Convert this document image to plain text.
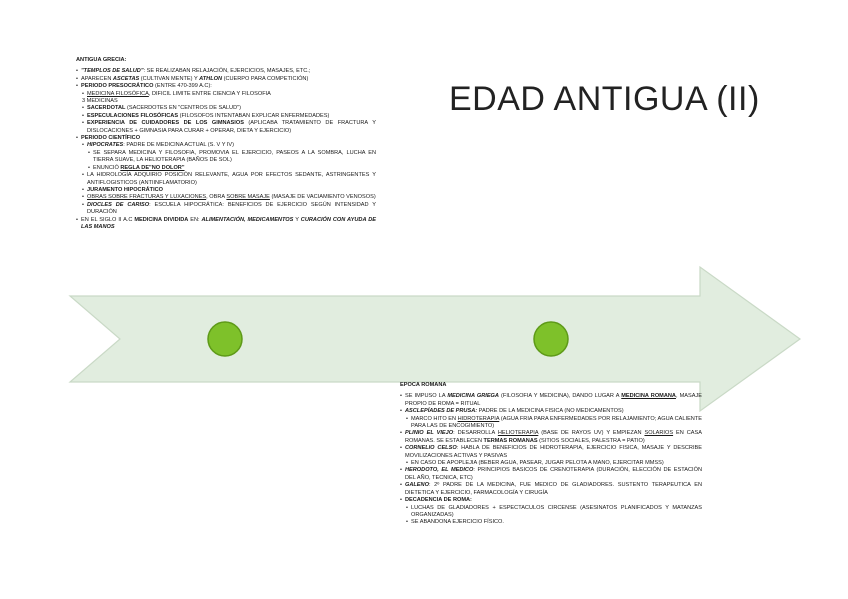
EDAD ANTIGUA (II)
ANTIGUA GRECIA:

• "TEMPLOS DE SALUD": SE REALIZABAN RELAJACIÓN, EJERCICIOS, MASAJES, ETC.;

• APARECEN ASCETAS (CULTIVAN MENTE) Y ATHLON (CUERPO PARA COMPETICIÓN)

• PERIODO PRESOCRÁTICO (ENTRE 470-399 A.C):

• MEDICINA FILOSÓFICA, DIFICIL LIMITE ENTRE CIENCIA Y FILOSOFIA

3 MEDICINAS

• SACERDOTAL (SACERDOTES EN "CENTROS DE SALUD")

• ESPECULACIONES FILOSÓFICAS (FILOSOFOS INTENTABAN EXPLICAR ENFERMEDADES)

• EXPERIENCIA DE CUIDADORES DE LOS GIMNASIOS (APLICABA TRATAMIENTO DE FRACTURA Y DISLOCACIONES + GIMNASIA PARA CURAR + OPERAR, DIETA Y EJERCICIO)

• PERIODO CIENTÍFICO

• HIPOCRATES: PADRE DE MEDICINA ACTUAL (S. V Y IV)

• SE SEPARA MEDICINA Y FILOSOFIA, PROMOVIA EL EJERCICIO, PASEOS A LA SOMBRA, LUCHA EN TIERRA SUAVE, LA HELIOTERAPIA (BAÑOS DE SOL)

• ENUNCIÓ REGLA DE"NO DOLOR"

• LA HIDROLOGÍA ADQUIRIO POSICIÓN RELEVANTE, AGUA POR EFECTOS SEDANTE, ASTRINGENTES Y ANTIFLOGISTICOS (ANTIINFLAMATORIO)

• JURAMENTO HIPOCRÁTICO

• OBRAS SOBRE FRACTURAS Y LUXACIONES, OBRA SOBRE MASAJE (MASAJE DE VACIAMIENTO VENOSOS)

• DIOCLES DE CARISO: ESCUELA HIPOCRÁTICA: BENEFICIOS DE EJERCICIO SEGÚN INTENSIDAD Y DURACIÓN

• EN EL SIGLO II A.C MEDICINA DIVIDIDA EN: ALIMENTACIÓN, MEDICAMENTOS Y CURACIÓN CON AYUDA DE LAS MANOS

EPOCA ROMANA

• SE IMPUSO LA MEDICINA GRIEGA (FILOSOFIA Y MEDICINA), DANDO LUGAR A MEDICINA ROMANA, MASAJE PROPIO DE ROMA = RITUAL

• ASCLEPÍADES DE PRUSA: PADRE DE LA MEDICINA FISICA (NO MEDICAMENTOS)

• MARCO HITO EN HIDROTERAPIA (AGUA FRIA PARA ENFERMEDADES POR RELAJAMIENTO; AGUA CALIENTE PARA LAS DE ENCOGIMIENTO)

• PLINIO EL VIEJO: DESARROLLA HELIOTERAPIA (BASE DE RAYOS UV) Y EMPIEZAN SOLARIOS EN CASA ROMANAS. SE ESTABLECEN TERMAS ROMANAS (SITIOS SOCIALES, PALESTRA = PATIO)

• CORNELIO CELSO: HABLA DE BENEFICIOS DE HIDROTERAPIA, EJERCICIO FISICA, MASAJE Y DESCRIBE MOVILIZACIONES ACTIVAS Y PASIVAS

• EN CASO DE APOPLEJIA (BEBER AGUA, PASEAR, JUGAR PELOTA A MANO, EJERCITAR MMSS)

• HERODOTO, EL MEDICO: PRINCIPIOS BASICOS DE CRENOTERAPIA (DURACIÓN, ELECCIÓN DE ESTACIÓN DEL AÑO, TECNICA, ETC)

• GALENO: 2º PADRE DE LA MEDICINA, FUE MEDICO DE GLADIADORES. SUSTENTO TERAPEUTICA EN DIETETICA Y EJERCICIO, FARMACOLOGÍA Y CIRUGÍA

• DECADENCIA DE ROMA:

• LUCHAS DE GLADIADORES + ESPECTACULOS CIRCENSE (ASESINATOS PLANIFICADOS Y MATANZAS ORGANIZADAS)

• SE ABANDONA EJERCICIO FÍSICO.
